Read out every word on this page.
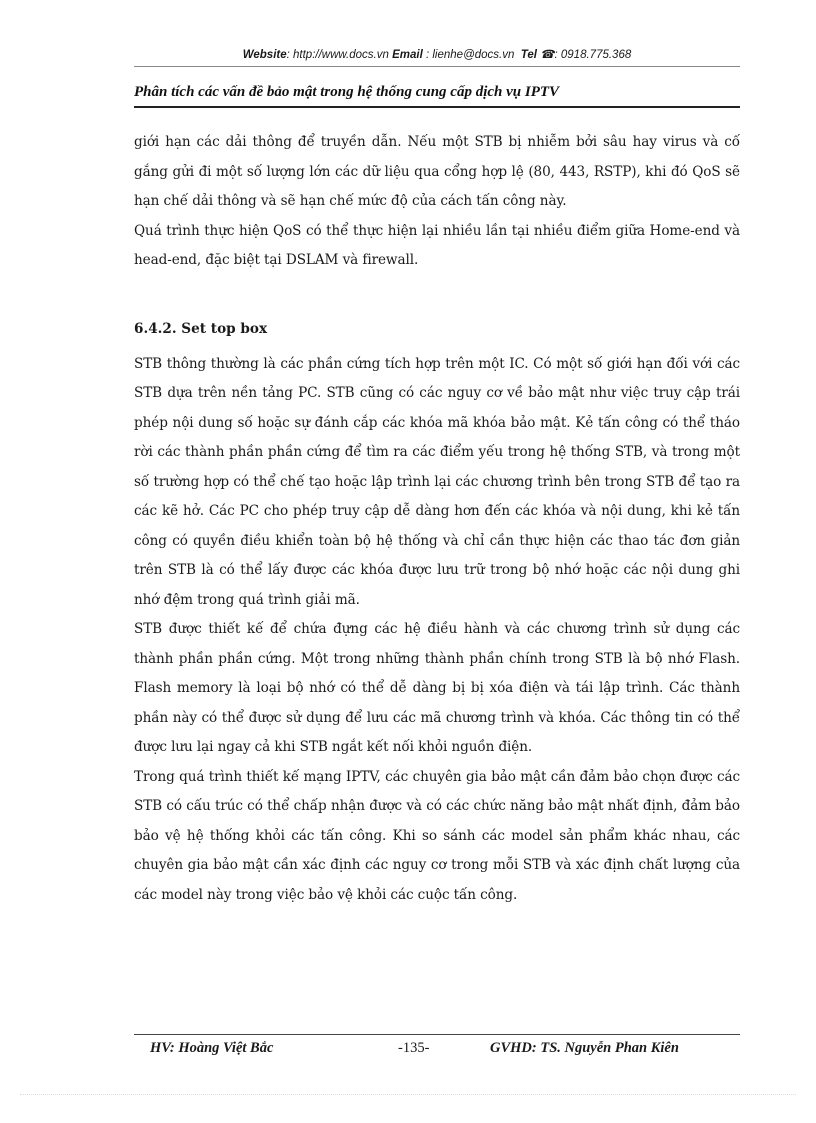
Website: http://www.docs.vn Email : lienhe@docs.vn Tel ☎: 0918.775.368
Phân tích các vấn đề bảo mật trong hệ thống cung cấp dịch vụ IPTV

giới hạn các dải thông để truyền dẫn. Nếu một STB bị nhiễm bởi sâu hay virus và cố gắng gửi đi một số lượng lớn các dữ liệu qua cổng hợp lệ (80, 443, RSTP), khi đó QoS sẽ hạn chế dải thông và sẽ hạn chế mức độ của cách tấn công này.

Quá trình thực hiện QoS có thể thực hiện lại nhiều lần tại nhiều điểm giữa Home-end và head-end, đặc biệt tại DSLAM và firewall.

6.4.2. Set top box

STB thông thường là các phần cứng tích hợp trên một IC. Có một số giới hạn đối với các STB dựa trên nền tảng PC. STB cũng có các nguy cơ về bảo mật như việc truy cập trái phép nội dung số hoặc sự đánh cắp các khóa mã khóa bảo mật. Kẻ tấn công có thể tháo rời các thành phần phần cứng để tìm ra các điểm yếu trong hệ thống STB, và trong một số trường hợp có thể chế tạo hoặc lập trình lại các chương trình bên trong STB để tạo ra các kẽ hở. Các PC cho phép truy cập dễ dàng hơn đến các khóa và nội dung, khi kẻ tấn công có quyền điều khiển toàn bộ hệ thống và chỉ cần thực hiện các thao tác đơn giản trên STB là có thể lấy được các khóa được lưu trữ trong bộ nhớ hoặc các nội dung ghi nhớ đệm trong quá trình giải mã.

STB được thiết kế để chứa đựng các hệ điều hành và các chương trình sử dụng các thành phần phần cứng. Một trong những thành phần chính trong STB là bộ nhớ Flash. Flash memory là loại bộ nhớ có thể dễ dàng bị bị xóa điện và tái lập trình. Các thành phần này có thể được sử dụng để lưu các mã chương trình và khóa. Các thông tin có thể được lưu lại ngay cả khi STB ngắt kết nối khỏi nguồn điện.

Trong quá trình thiết kế mạng IPTV, các chuyên gia bảo mật cần đảm bảo chọn được các STB có cấu trúc có thể chấp nhận được và có các chức năng bảo mật nhất định, đảm bảo bảo vệ hệ thống khỏi các tấn công. Khi so sánh các model sản phẩm khác nhau, các chuyên gia bảo mật cần xác định các nguy cơ trong mỗi STB và xác định chất lượng của các model này trong việc bảo vệ khỏi các cuộc tấn công.

HV: Hoàng Việt Bắc	-135-	GVHD: TS. Nguyễn Phan Kiên
